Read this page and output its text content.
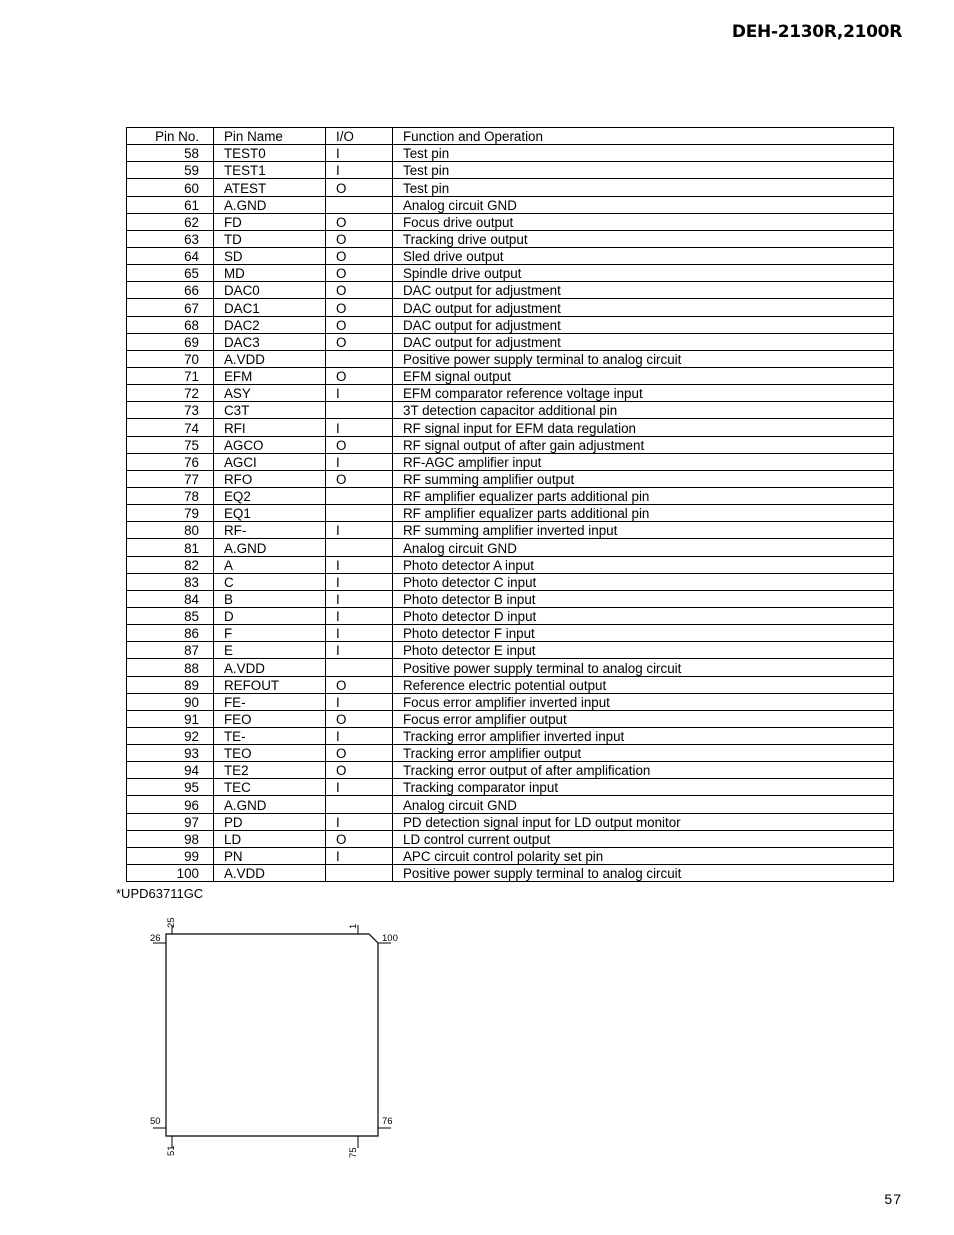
DEH-2130R,2100R
Pin No.	Pin Name	I/O	Function and Operation
58	TEST0	I	Test pin
59	TEST1	I	Test pin
60	ATEST	O	Test pin
61	A.GND		Analog circuit GND
62	FD	O	Focus drive output
63	TD	O	Tracking drive output
64	SD	O	Sled drive output
65	MD	O	Spindle drive output
66	DAC0	O	DAC output for adjustment
67	DAC1	O	DAC output for adjustment
68	DAC2	O	DAC output for adjustment
69	DAC3	O	DAC output for adjustment
70	A.VDD		Positive power supply terminal to analog circuit
71	EFM	O	EFM signal output
72	ASY	I	EFM comparator reference voltage input
73	C3T		3T detection capacitor additional pin
74	RFI	I	RF signal input for EFM data regulation
75	AGCO	O	RF signal output of after gain adjustment
76	AGCI	I	RF-AGC amplifier input
77	RFO	O	RF summing amplifier output
78	EQ2		RF amplifier equalizer parts additional pin
79	EQ1		RF amplifier equalizer parts additional pin
80	RF-	I	RF summing amplifier inverted input
81	A.GND		Analog circuit GND
82	A	I	Photo detector A input
83	C	I	Photo detector C input
84	B	I	Photo detector B input
85	D	I	Photo detector D input
86	F	I	Photo detector F input
87	E	I	Photo detector E input
88	A.VDD		Positive power supply terminal to analog circuit
89	REFOUT	O	Reference electric potential output
90	FE-	I	Focus error amplifier inverted input
91	FEO	O	Focus error amplifier output
92	TE-	I	Tracking error amplifier inverted input
93	TEO	O	Tracking error amplifier output
94	TE2	O	Tracking error output of after amplification
95	TEC	I	Tracking comparator input
96	A.GND		Analog circuit GND
97	PD	I	PD detection signal input for LD output monitor
98	LD	O	LD control current output
99	PN	I	APC circuit control polarity set pin
100	A.VDD		Positive power supply terminal to analog circuit
*UPD63711GC
25	1
26	100
50	76
51	75
57
